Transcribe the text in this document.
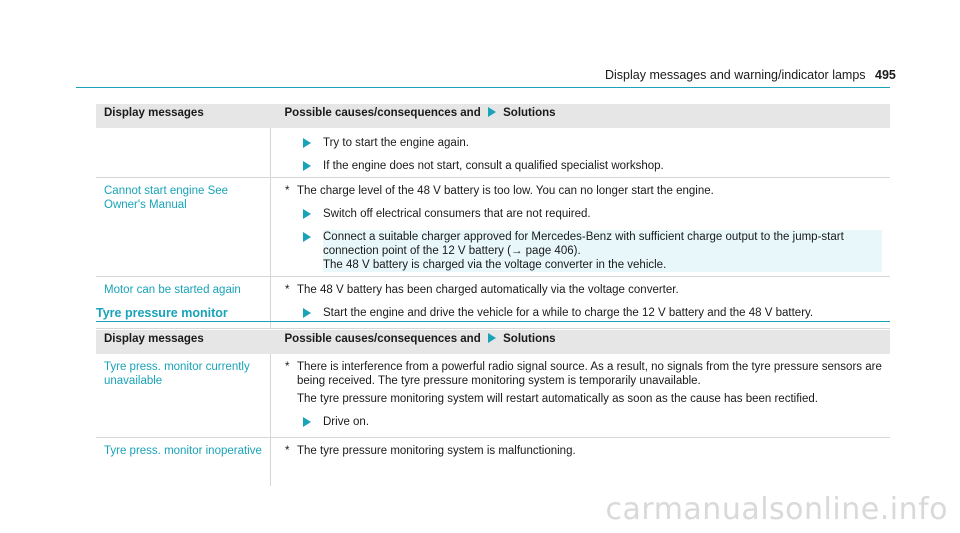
Display messages and warning/indicator lamps 495
Display messages	Possible causes/consequences and Solutions

	Try to start the engine again.
If the engine does not start, consult a qualified specialist workshop.

Cannot start engine See Owner's Manual	* The charge level of the 48 V battery is too low. You can no longer start the engine.
Switch off electrical consumers that are not required.
Connect a suitable charger approved for Mercedes-Benz with sufficient charge output to the jump-start connection point of the 12 V battery (→ page 406).
The 48 V battery is charged via the voltage converter in the vehicle.

Motor can be started again	* The 48 V battery has been charged automatically via the voltage converter.
Start the engine and drive the vehicle for a while to charge the 12 V battery and the 48 V battery.
Tyre pressure monitor
Display messages	Possible causes/consequences and Solutions
Tyre press. monitor currently unavailable	* There is interference from a powerful radio signal source. As a result, no signals from the tyre pressure sensors are being received. The tyre pressure monitoring system is temporarily unavailable.
The tyre pressure monitoring system will restart automatically as soon as the cause has been rectified.
Drive on.

Tyre press. monitor inoperative	* The tyre pressure monitoring system is malfunctioning.
carmanualsonline.info
